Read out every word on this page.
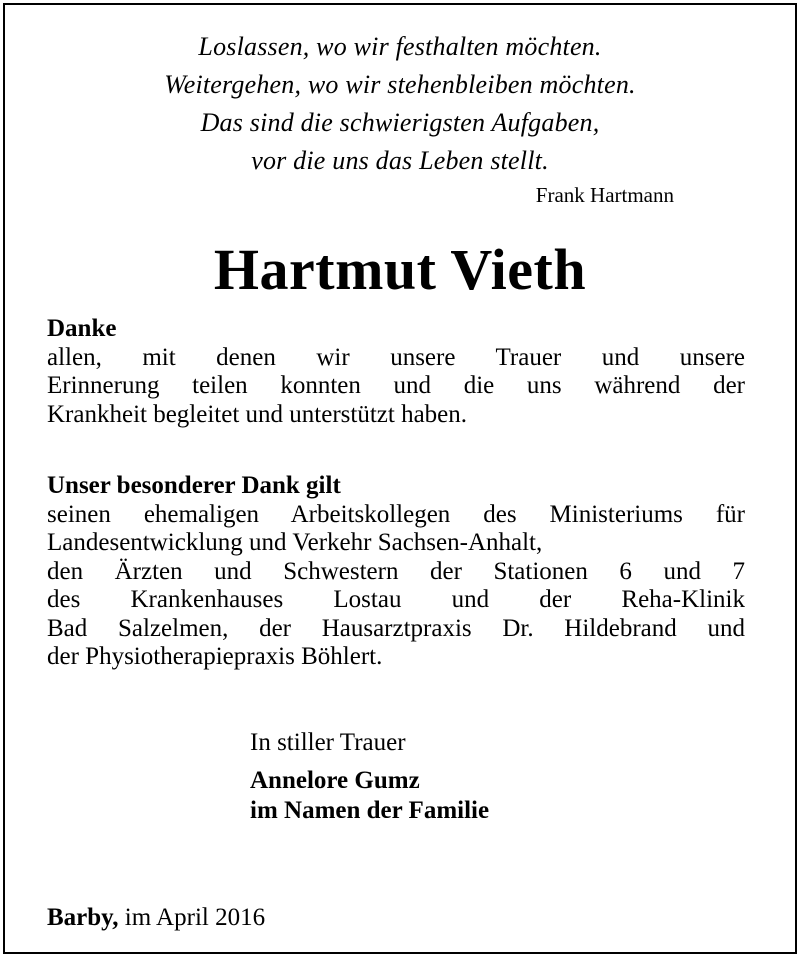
Loslassen, wo wir festhalten möchten.
Weitergehen, wo wir stehenbleiben möchten.
Das sind die schwierigsten Aufgaben,
vor die uns das Leben stellt.
Frank Hartmann
Hartmut Vieth
Danke
allen, mit denen wir unsere Trauer und unsere
Erinnerung teilen konnten und die uns während der
Krankheit begleitet und unterstützt haben.
Unser besonderer Dank gilt
seinen ehemaligen Arbeitskollegen des Ministeriums für
Landesentwicklung und Verkehr Sachsen-Anhalt,
den Ärzten und Schwestern der Stationen 6 und 7
des Krankenhauses Lostau und der Reha-Klinik
Bad Salzelmen, der Hausarztpraxis Dr. Hildebrand und
der Physiotherapiepraxis Böhlert.
In stiller Trauer
Annelore Gumz
im Namen der Familie
Barby, im April 2016
